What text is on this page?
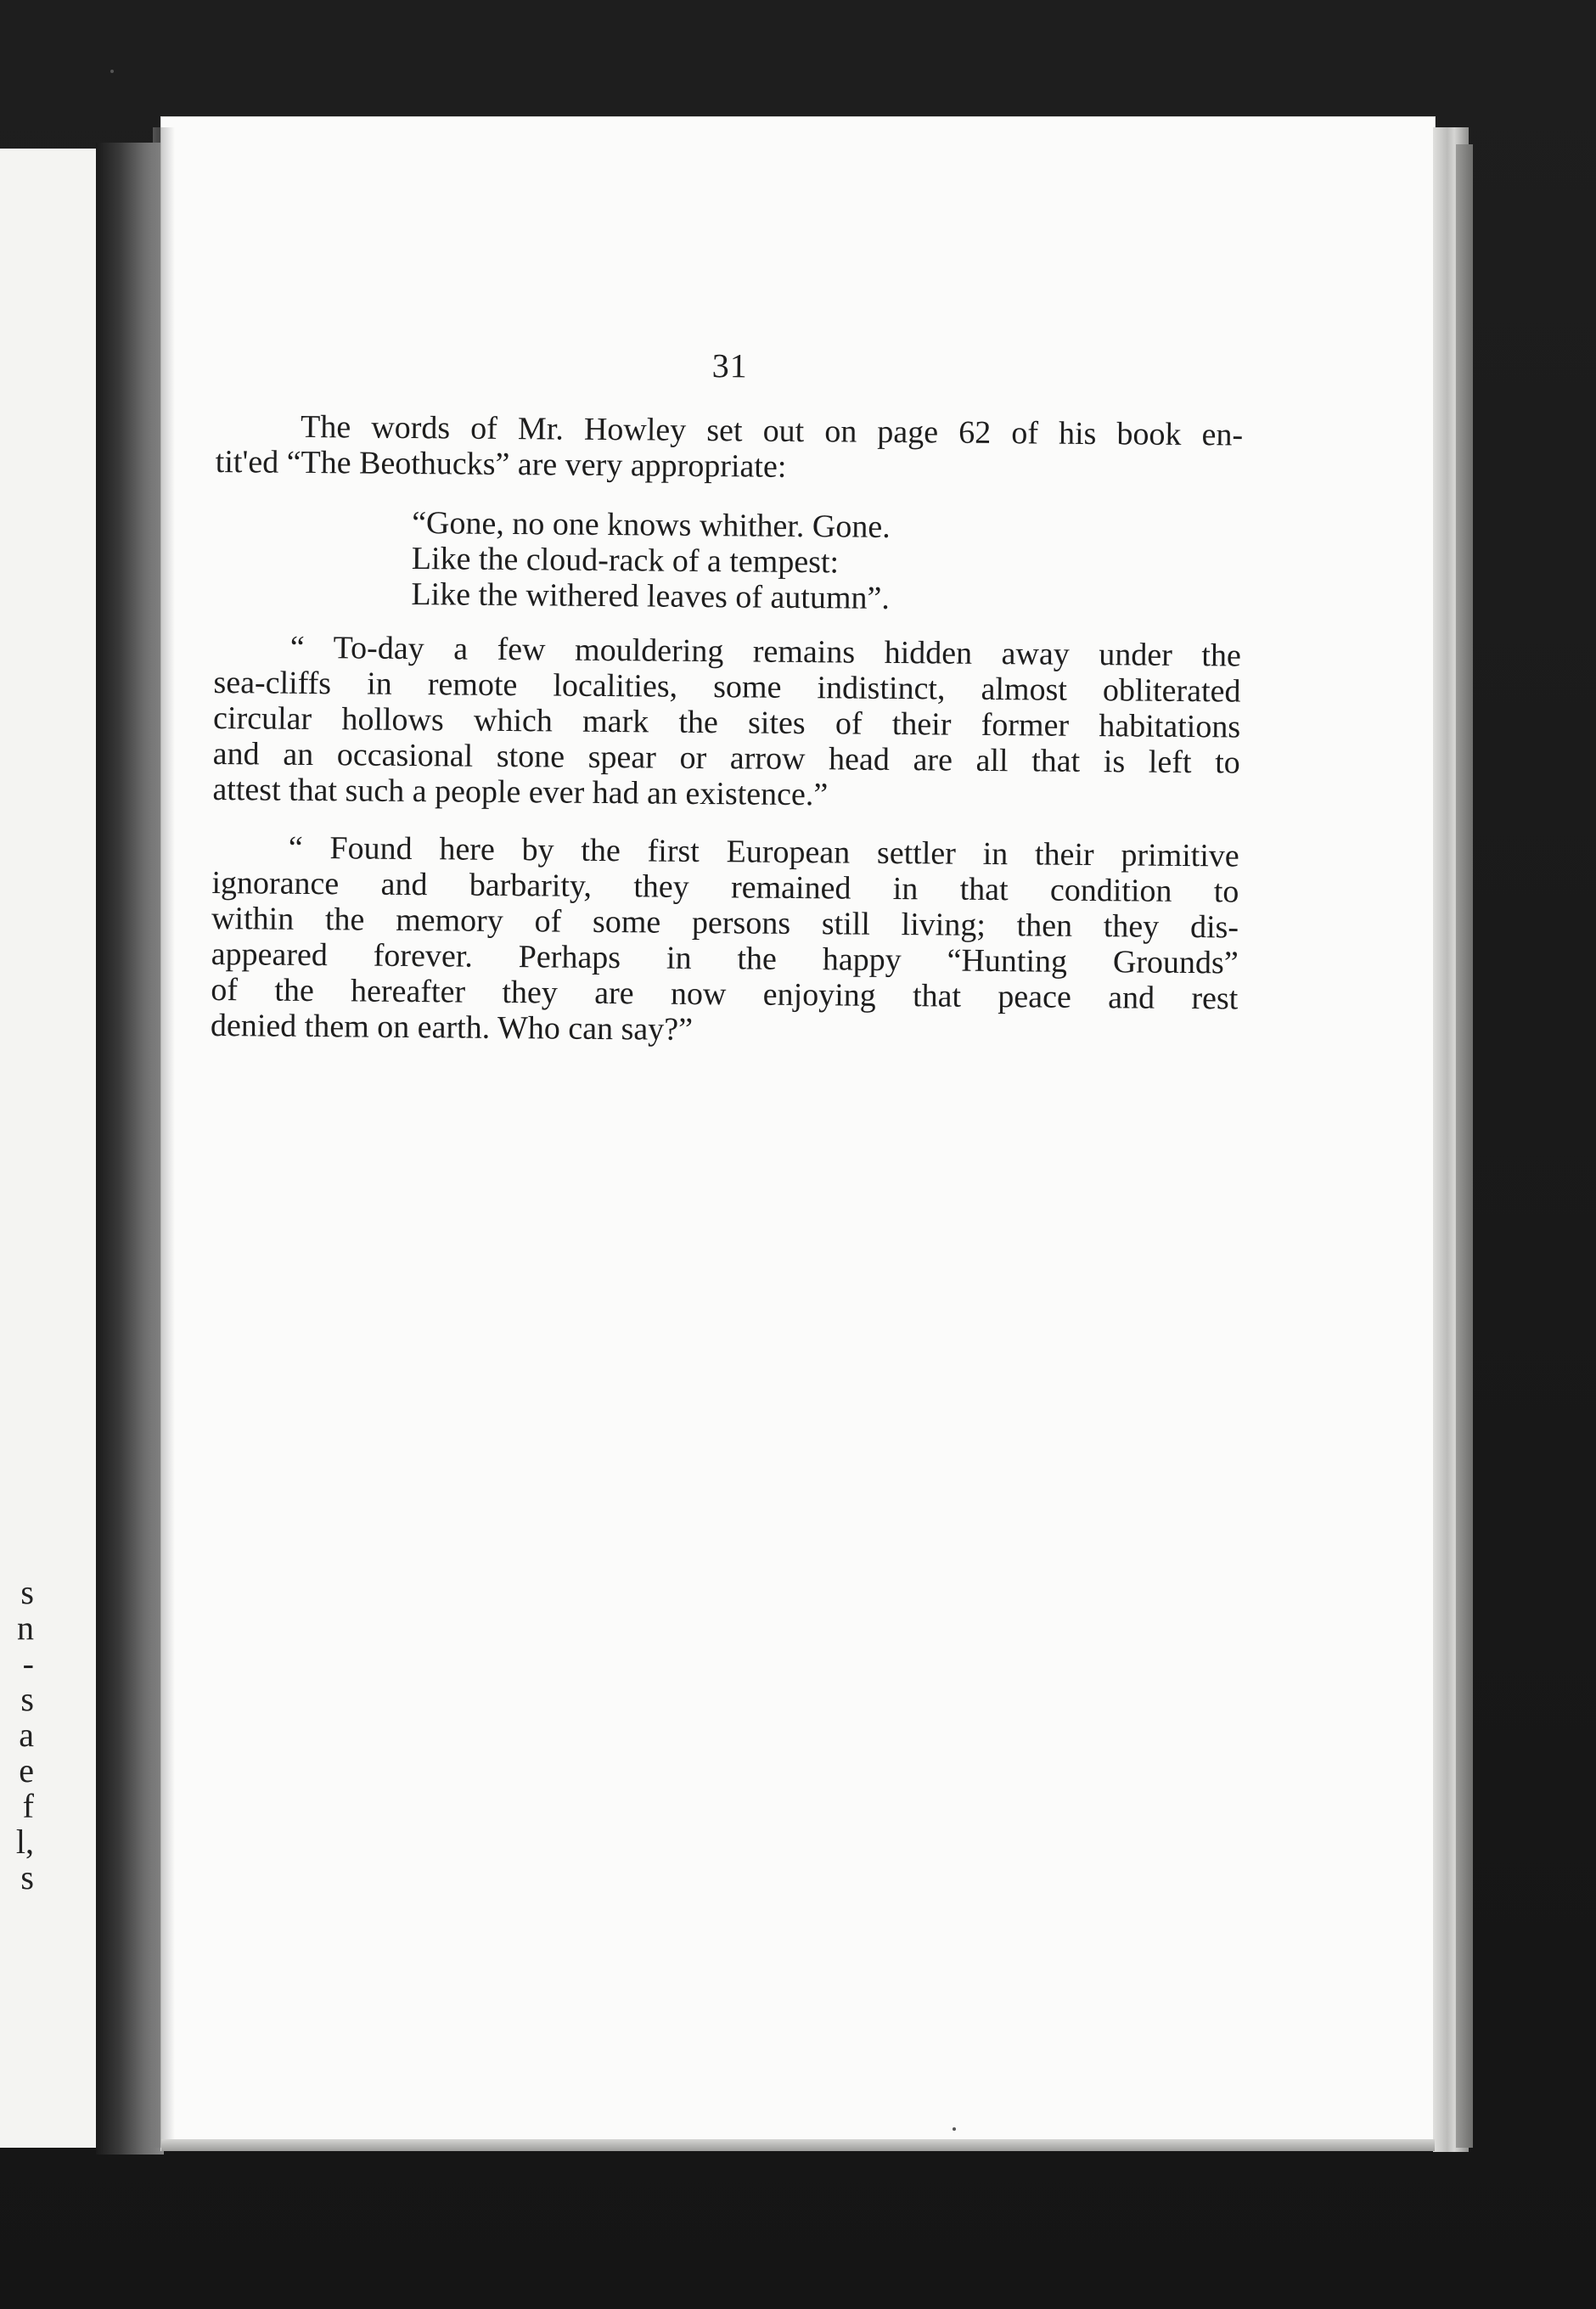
s
n
-
s
a
e
f
l,
s
31

The words of Mr. Howley set out on page 62 of his book en-
tit'ed “The Beothucks” are very appropriate:

“Gone, no one knows whither. Gone.
Like the cloud-rack of a tempest:
Like the withered leaves of autumn”.

“ To-day a few mouldering remains hidden away under the
sea-cliffs in remote localities, some indistinct, almost obliterated
circular hollows which mark the sites of their former habitations
and an occasional stone spear or arrow head are all that is left to
attest that such a people ever had an existence.”

“ Found here by the first European settler in their primitive
ignorance and barbarity, they remained in that condition to
within the memory of some persons still living; then they dis-
appeared forever. Perhaps in the happy “Hunting Grounds”
of the hereafter they are now enjoying that peace and rest
denied them on earth. Who can say?”
